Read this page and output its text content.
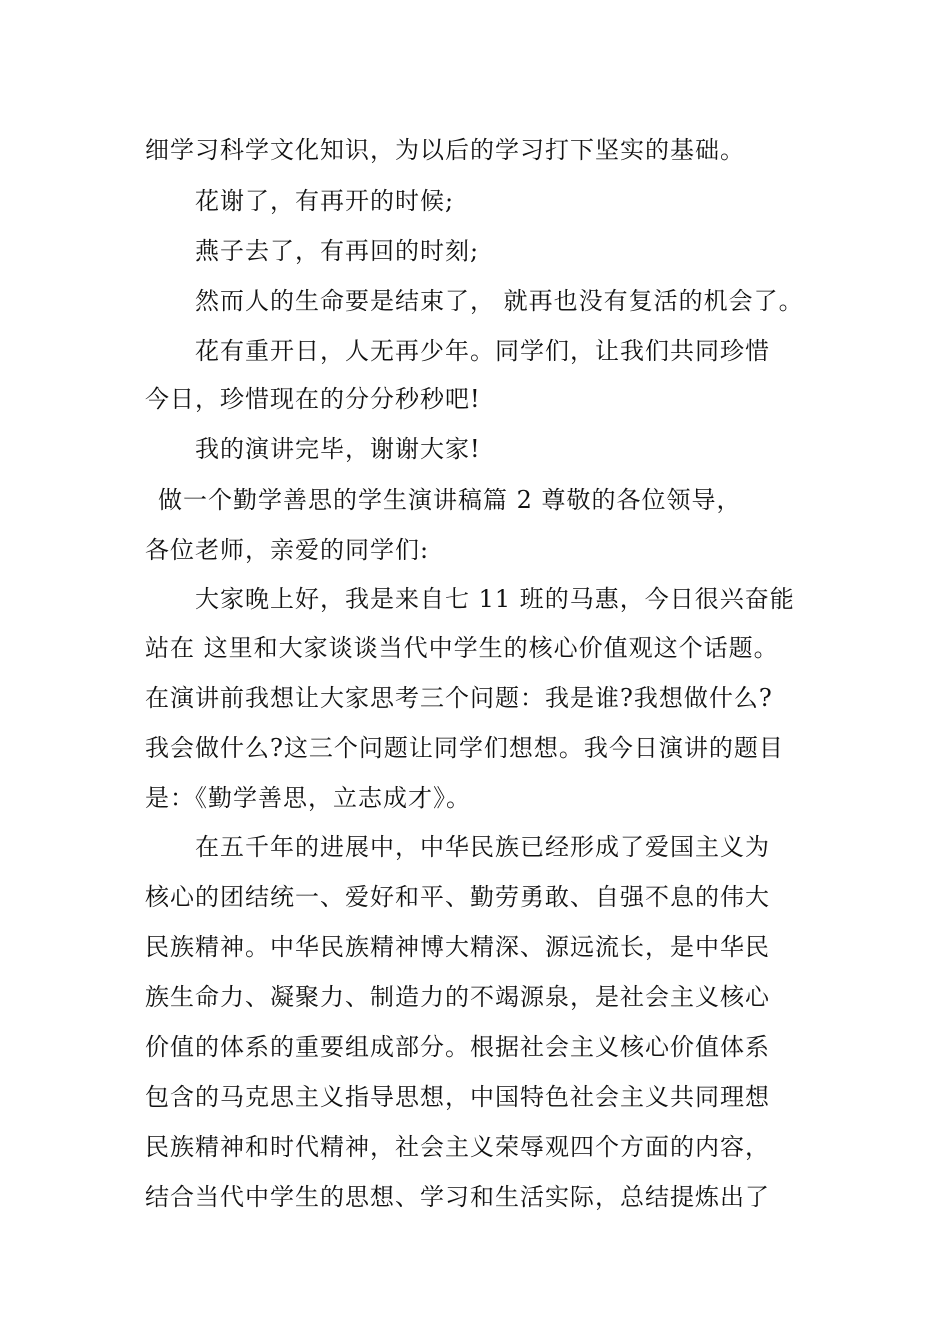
细学习科学文化知识，为以后的学习打下坚实的基础。
花谢了，有再开的时候;
燕子去了，有再回的时刻;
然而人的生命要是结束了， 就再也没有复活的机会了。
花有重开日，人无再少年。同学们，让我们共同珍惜
今日，珍惜现在的分分秒秒吧!
我的演讲完毕，谢谢大家!
做一个勤学善思的学生演讲稿篇 2 尊敬的各位领导，
各位老师，亲爱的同学们:
大家晚上好，我是来自七 11 班的马惠，今日很兴奋能
站在 这里和大家谈谈当代中学生的核心价值观这个话题。
在演讲前我想让大家思考三个问题：我是谁?我想做什么?
我会做什么?这三个问题让同学们想想。我今日演讲的题目
是：《勤学善思，立志成才》。
在五千年的进展中，中华民族已经形成了爱国主义为
核心的团结统一、爱好和平、勤劳勇敢、自强不息的伟大
民族精神。中华民族精神博大精深、源远流长，是中华民
族生命力、凝聚力、制造力的不竭源泉，是社会主义核心
价值的体系的重要组成部分。根据社会主义核心价值体系
包含的马克思主义指导思想，中国特色社会主义共同理想
民族精神和时代精神，社会主义荣辱观四个方面的内容，
结合当代中学生的思想、学习和生活实际，总结提炼出了
